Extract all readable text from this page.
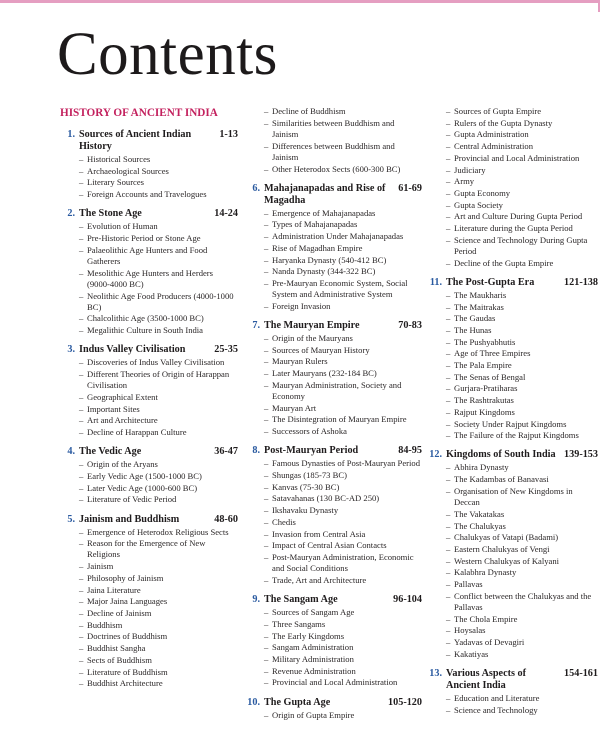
Contents
HISTORY OF ANCIENT INDIA
1. Sources of Ancient Indian History
1-13
– Historical Sources
– Archaeological Sources
– Literary Sources
– Foreign Accounts and Travelogues
2. The Stone Age	14-24
– Evolution of Human
– Pre-Historic Period or Stone Age
– Palaeolithic Age Hunters and Food Gatherers
– Mesolithic Age Hunters and Herders (9000-4000 BC)
– Neolithic Age Food Producers (4000-1000 BC)
– Chalcolithic Age (3500-1000 BC)
– Megalithic Culture in South India
3. Indus Valley Civilisation	25-35
– Discoveries of Indus Valley Civilisation
– Different Theories of Origin of Harappan Civilisation
– Geographical Extent
– Important Sites
– Art and Architecture
– Decline of Harappan Culture
4. The Vedic Age	36-47
– Origin of the Aryans
– Early Vedic Age (1500-1000 BC)
– Later Vedic Age (1000-600 BC)
– Literature of Vedic Period
5. Jainism and Buddhism	48-60
– Emergence of Heterodox Religious Sects
– Reason for the Emergence of New Religions
– Jainism
– Philosophy of Jainism
– Jaina Literature
– Major Jaina Languages
– Decline of Jainism
– Buddhism
– Doctrines of Buddhism
– Buddhist Sangha
– Sects of Buddhism
– Literature of Buddhism
– Buddhist Architecture
– Decline of Buddhism
– Similarities between Buddhism and Jainism
– Differences between Buddhism and Jainism
– Other Heterodox Sects (600-300 BC)
6. Mahajanapadas and Rise of Magadha
61-69
– Emergence of Mahajanapadas
– Types of Mahajanapadas
– Administration Under Mahajanapadas
– Rise of Magadhan Empire
– Haryanka Dynasty (540-412 BC)
– Nanda Dynasty (344-322 BC)
– Pre-Mauryan Economic System, Social System and Administrative System
– Foreign Invasion
7. The Mauryan Empire	70-83
– Origin of the Mauryans
– Sources of Mauryan History
– Mauryan Rulers
– Later Mauryans (232-184 BC)
– Mauryan Administration, Society and Economy
– Mauryan Art
– The Disintegration of Mauryan Empire
– Successors of Ashoka
8. Post-Mauryan Period	84-95
– Famous Dynasties of Post-Mauryan Period
– Shungas (185-73 BC)
– Kanvas (75-30 BC)
– Satavahanas (130 BC-AD 250)
– Ikshavaku Dynasty
– Chedis
– Invasion from Central Asia
– Impact of Central Asian Contacts
– Post-Mauryan Administration, Economic and Social Conditions
– Trade, Art and Architecture
9. The Sangam Age	96-104
– Sources of Sangam Age
– Three Sangams
– The Early Kingdoms
– Sangam Administration
– Military Administration
– Revenue Administration
– Provincial and Local Administration
10. The Gupta Age	105-120
– Origin of Gupta Empire
– Sources of Gupta Empire
– Rulers of the Gupta Dynasty
– Gupta Administration
– Central Administration
– Provincial and Local Administration
– Judiciary
– Army
– Gupta Economy
– Gupta Society
– Art and Culture During Gupta Period
– Literature during the Gupta Period
– Science and Technology During Gupta Period
– Decline of the Gupta Empire
11. The Post-Gupta Era	121-138
– The Maukharis
– The Maitrakas
– The Gaudas
– The Hunas
– The Pushyabhutis
– Age of Three Empires
– The Pala Empire
– The Senas of Bengal
– Gurjara-Pratiharas
– The Rashtrakutas
– Rajput Kingdoms
– Society Under Rajput Kingdoms
– The Failure of the Rajput Kingdoms
12. Kingdoms of South India 139-153
– Abhira Dynasty
– The Kadambas of Banavasi
– Organisation of New Kingdoms in Deccan
– The Vakatakas
– The Chalukyas
– Chalukyas of Vatapi (Badami)
– Eastern Chalukyas of Vengi
– Western Chalukyas of Kalyani
– Kalabhra Dynasty
– Pallavas
– Conflict between the Chalukyas and the Pallavas
– The Chola Empire
– Hoysalas
– Yadavas of Devagiri
– Kakatiyas
13. Various Aspects of Ancient India
154-161
– Education and Literature
– Science and Technology
